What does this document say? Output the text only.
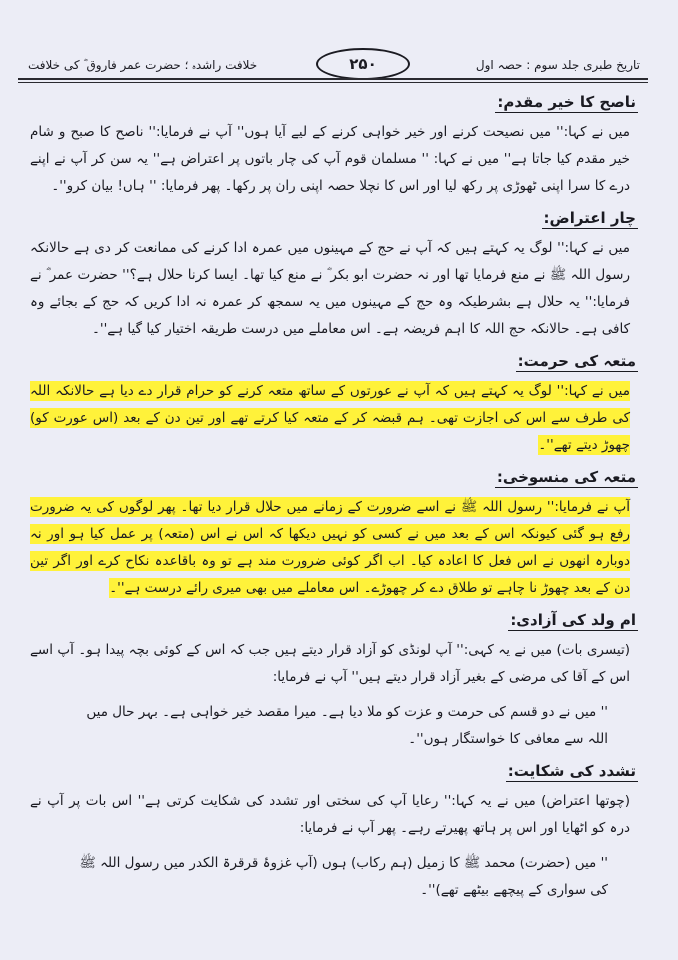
خلافت راشدہ ؛ حضرت عمر فاروق ؓ کی خلافت	۲۵۰	تاریخ طبری جلد سوم : حصہ اول
ناصح کا خیر مقدم:

میں نے کہا:'' میں نصیحت کرنے اور خیر خواہی کرنے کے لیے آیا ہوں'' آپ نے فرمایا:'' ناصح کا صبح و شام خیر مقدم کیا جاتا ہے'' میں نے کہا: '' مسلمان قوم آپ کی چار باتوں پر اعتراض ہے'' یہ سن کر آپ نے اپنے درے کا سرا اپنی ٹھوڑی پر رکھ لیا اور اس کا نچلا حصہ اپنی ران پر رکھا۔ پھر فرمایا: '' ہاں! بیان کرو''۔

چار اعتراض:

میں نے کہا:'' لوگ یہ کہتے ہیں کہ آپ نے حج کے مہینوں میں عمرہ ادا کرنے کی ممانعت کر دی ہے حالانکہ رسول اللہ ﷺ نے منع فرمایا تھا اور نہ حضرت ابو بکر ؓ نے منع کیا تھا۔ ایسا کرنا حلال ہے؟'' حضرت عمر ؓ نے فرمایا:'' یہ حلال ہے بشرطیکہ وہ حج کے مہینوں میں یہ سمجھ کر عمرہ نہ ادا کریں کہ حج کے بجائے وہ کافی ہے۔ حالانکہ حج اللہ کا اہم فریضہ ہے۔ اس معاملے میں درست طریقہ اختیار کیا گیا ہے''۔

متعہ کی حرمت:

میں نے کہا:'' لوگ یہ کہتے ہیں کہ آپ نے عورتوں کے ساتھ متعہ کرنے کو حرام قرار دے دیا ہے حالانکہ اللہ کی طرف سے اس کی اجازت تھی۔ ہم قبضہ کر کے متعہ کیا کرتے تھے اور تین دن کے بعد (اس عورت کو) چھوڑ دیتے تھے''۔

متعہ کی منسوخی:

آپ نے فرمایا:'' رسول اللہ ﷺ نے اسے ضرورت کے زمانے میں حلال قرار دیا تھا۔ پھر لوگوں کی یہ ضرورت رفع ہو گئی کیونکہ اس کے بعد میں نے کسی کو نہیں دیکھا کہ اس نے اس (متعہ) پر عمل کیا ہو اور نہ دوبارہ انھوں نے اس فعل کا اعادہ کیا۔ اب اگر کوئی ضرورت مند ہے تو وہ باقاعدہ نکاح کرے اور اگر تین دن کے بعد چھوڑ نا چاہے تو طلاق دے کر چھوڑے۔ اس معاملے میں بھی میری رائے درست ہے''۔

ام ولد کی آزادی:

(تیسری بات) میں نے یہ کہی:'' آپ لونڈی کو آزاد قرار دیتے ہیں جب کہ اس کے کوئی بچہ پیدا ہو۔ آپ اسے اس کے آقا کی مرضی کے بغیر آزاد قرار دیتے ہیں'' آپ نے فرمایا:

'' میں نے دو قسم کی حرمت و عزت کو ملا دیا ہے۔ میرا مقصد خیر خواہی ہے۔ بہر حال میں اللہ سے معافی کا خواستگار ہوں''۔

تشدد کی شکایت:

(چوتھا اعتراض) میں نے یہ کہا:'' رعایا آپ کی سختی اور تشدد کی شکایت کرتی ہے'' اس بات پر آپ نے درہ کو اٹھایا اور اس پر ہاتھ پھیرتے رہے۔ پھر آپ نے فرمایا:

'' میں (حضرت) محمد ﷺ کا زمیل (ہم رکاب) ہوں (آپ غزوۂ قرقرۃ الکدر میں رسول اللہ ﷺ کی سواری کے پیچھے بیٹھے تھے)''۔
